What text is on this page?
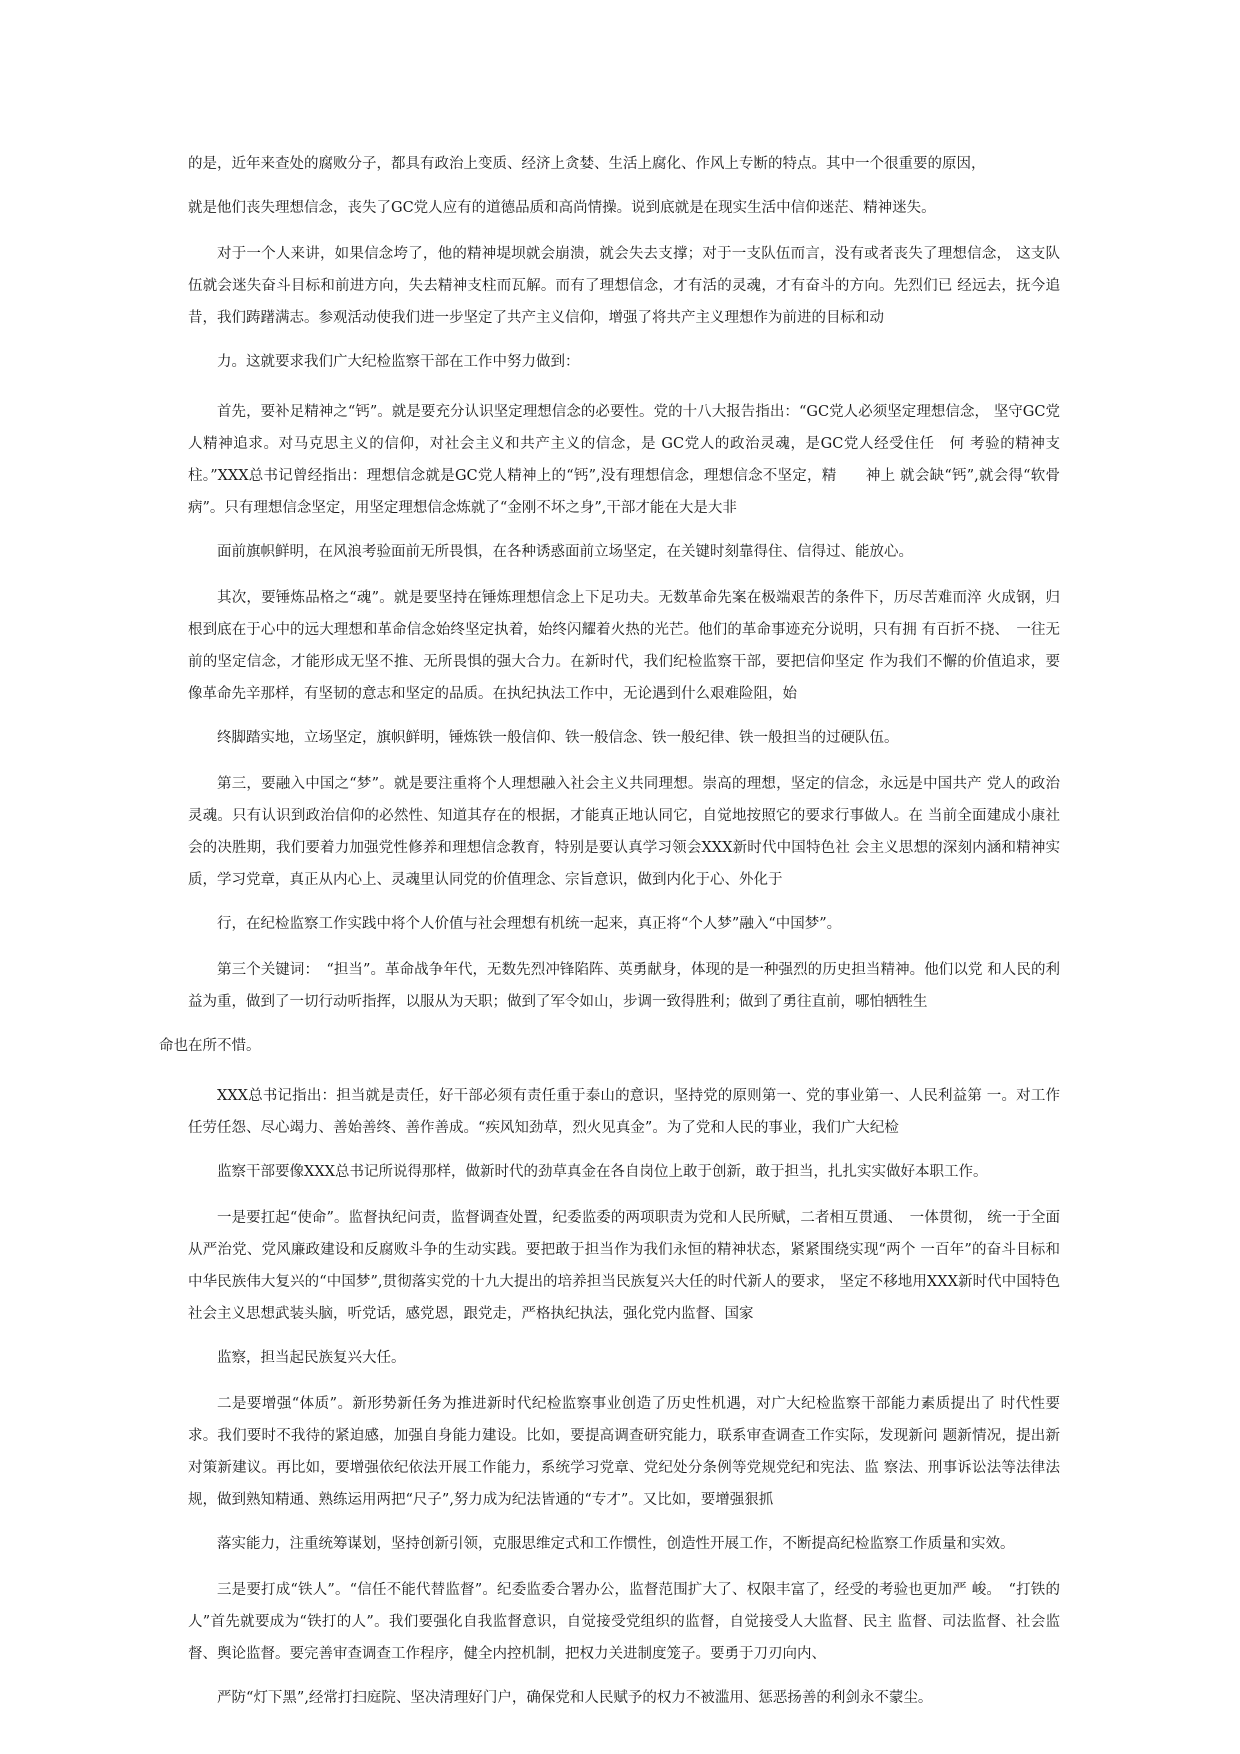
的是，近年来查处的腐败分子，都具有政治上变质、经济上贪婪、生活上腐化、作风上专断的特点。其中一个很重要的原因，
就是他们丧失理想信念，丧失了GC党人应有的道德品质和高尚情操。说到底就是在现实生活中信仰迷茫、精神迷失。

对于一个人来讲，如果信念垮了，他的精神堤坝就会崩溃，就会失去支撑；对于一支队伍而言，没有或者丧失了理想信念， 这支队伍就会迷失奋斗目标和前进方向，失去精神支柱而瓦解。而有了理想信念，才有活的灵魂，才有奋斗的方向。先烈们已 经远去，抚今追昔，我们踌躇满志。参观活动使我们进一步坚定了共产主义信仰，增强了将共产主义理想作为前进的目标和动
力。这就要求我们广大纪检监察干部在工作中努力做到：

首先，要补足精神之“钙”。就是要充分认识坚定理想信念的必要性。党的十八大报告指出：“GC党人必须坚定理想信念， 坚守GC党人精神追求。对马克思主义的信仰，对社会主义和共产主义的信念，是 GC党人的政治灵魂，是GC党人经受住任　何 考验的精神支柱。”XXX总书记曾经指出：理想信念就是GC党人精神上的“钙”,没有理想信念，理想信念不坚定，精　　神上 就会缺“钙”,就会得“软骨病”。只有理想信念坚定，用坚定理想信念炼就了“金刚不坏之身”,干部才能在大是大非
面前旗帜鲜明，在风浪考验面前无所畏惧，在各种诱惑面前立场坚定，在关键时刻靠得住、信得过、能放心。

其次，要锤炼品格之“魂”。就是要坚持在锤炼理想信念上下足功夫。无数革命先案在极端艰苦的条件下，历尽苦难而淬 火成钢，归根到底在于心中的远大理想和革命信念始终坚定执着，始终闪耀着火热的光芒。他们的革命事迹充分说明，只有拥 有百折不挠、　一往无前的坚定信念，才能形成无坚不推、无所畏惧的强大合力。在新时代，我们纪检监察干部，要把信仰坚定 作为我们不懈的价值追求，要像革命先辛那样，有坚韧的意志和坚定的品质。在执纪执法工作中，无论遇到什么艰难险阻，始
终脚踏实地，立场坚定，旗帜鲜明，锤炼铁一般信仰、铁一般信念、铁一般纪律、铁一般担当的过硬队伍。

第三，要融入中国之“梦”。就是要注重将个人理想融入社会主义共同理想。崇高的理想，坚定的信念，永远是中国共产 党人的政治灵魂。只有认识到政治信仰的必然性、知道其存在的根据，才能真正地认同它，自觉地按照它的要求行事做人。在 当前全面建成小康社会的决胜期，我们要着力加强党性修养和理想信念教育，特别是要认真学习领会XXX新时代中国特色社 会主义思想的深刻内涵和精神实质，学习党章，真正从内心上、灵魂里认同党的价值理念、宗旨意识，做到内化于心、外化于
行，在纪检监察工作实践中将个人价值与社会理想有机统一起来，真正将“个人梦”融入“中国梦”。

第三个关键词：　“担当”。革命战争年代，无数先烈冲锋陷阵、英勇献身，体现的是一种强烈的历史担当精神。他们以党 和人民的利益为重，做到了一切行动听指挥，以服从为天职；做到了军令如山，步调一致得胜利；做到了勇往直前，哪怕牺牲生
命也在所不惜。

XXX总书记指出：担当就是责任，好干部必须有责任重于泰山的意识，坚持党的原则第一、党的事业第一、人民利益第 一。对工作任劳任怨、尽心竭力、善始善终、善作善成。“疾风知劲草，烈火见真金”。为了党和人民的事业，我们广大纪检
监察干部要像XXX总书记所说得那样，做新时代的劲草真金在各自岗位上敢于创新，敢于担当，扎扎实实做好本职工作。

一是要扛起“使命”。监督执纪问责，监督调查处置，纪委监委的两项职责为党和人民所赋，二者相互贯通、　一体贯彻， 统一于全面从严治党、党风廉政建设和反腐败斗争的生动实践。要把敢于担当作为我们永恒的精神状态，紧紧围绕实现“两个 一百年”的奋斗目标和中华民族伟大复兴的“中国梦”,贯彻落实党的十九大提出的培养担当民族复兴大任的时代新人的要求， 坚定不移地用XXX新时代中国特色社会主义思想武装头脑，听党话，感党恩，跟党走，严格执纪执法，强化党内监督、国家
监察，担当起民族复兴大任。

二是要增强“体质”。新形势新任务为推进新时代纪检监察事业创造了历史性机遇，对广大纪检监察干部能力素质提出了 时代性要求。我们要时不我待的紧迫感，加强自身能力建设。比如，要提高调查研究能力，联系审查调查工作实际，发现新问 题新情况，提出新对策新建议。再比如，要增强依纪依法开展工作能力，系统学习党章、党纪处分条例等党规党纪和宪法、监 察法、刑事诉讼法等法律法规，做到熟知精通、熟练运用两把“尺子”,努力成为纪法皆通的“专才”。又比如，要增强狠抓
落实能力，注重统筹谋划，坚持创新引领，克服思维定式和工作惯性，创造性开展工作，不断提高纪检监察工作质量和实效。

三是要打成“铁人”。“信任不能代替监督”。纪委监委合署办公，监督范围扩大了、权限丰富了，经受的考验也更加严 峻。　“打铁的人”首先就要成为“铁打的人”。我们要强化自我监督意识，自觉接受党组织的监督，自觉接受人大监督、民主 监督、司法监督、社会监督、舆论监督。要完善审查调查工作程序，健全内控机制，把权力关进制度笼子。要勇于刀刃向内、
严防“灯下黑”,经常打扫庭院、坚决清理好门户，确保党和人民赋予的权力不被滥用、惩恶扬善的利剑永不蒙尘。
